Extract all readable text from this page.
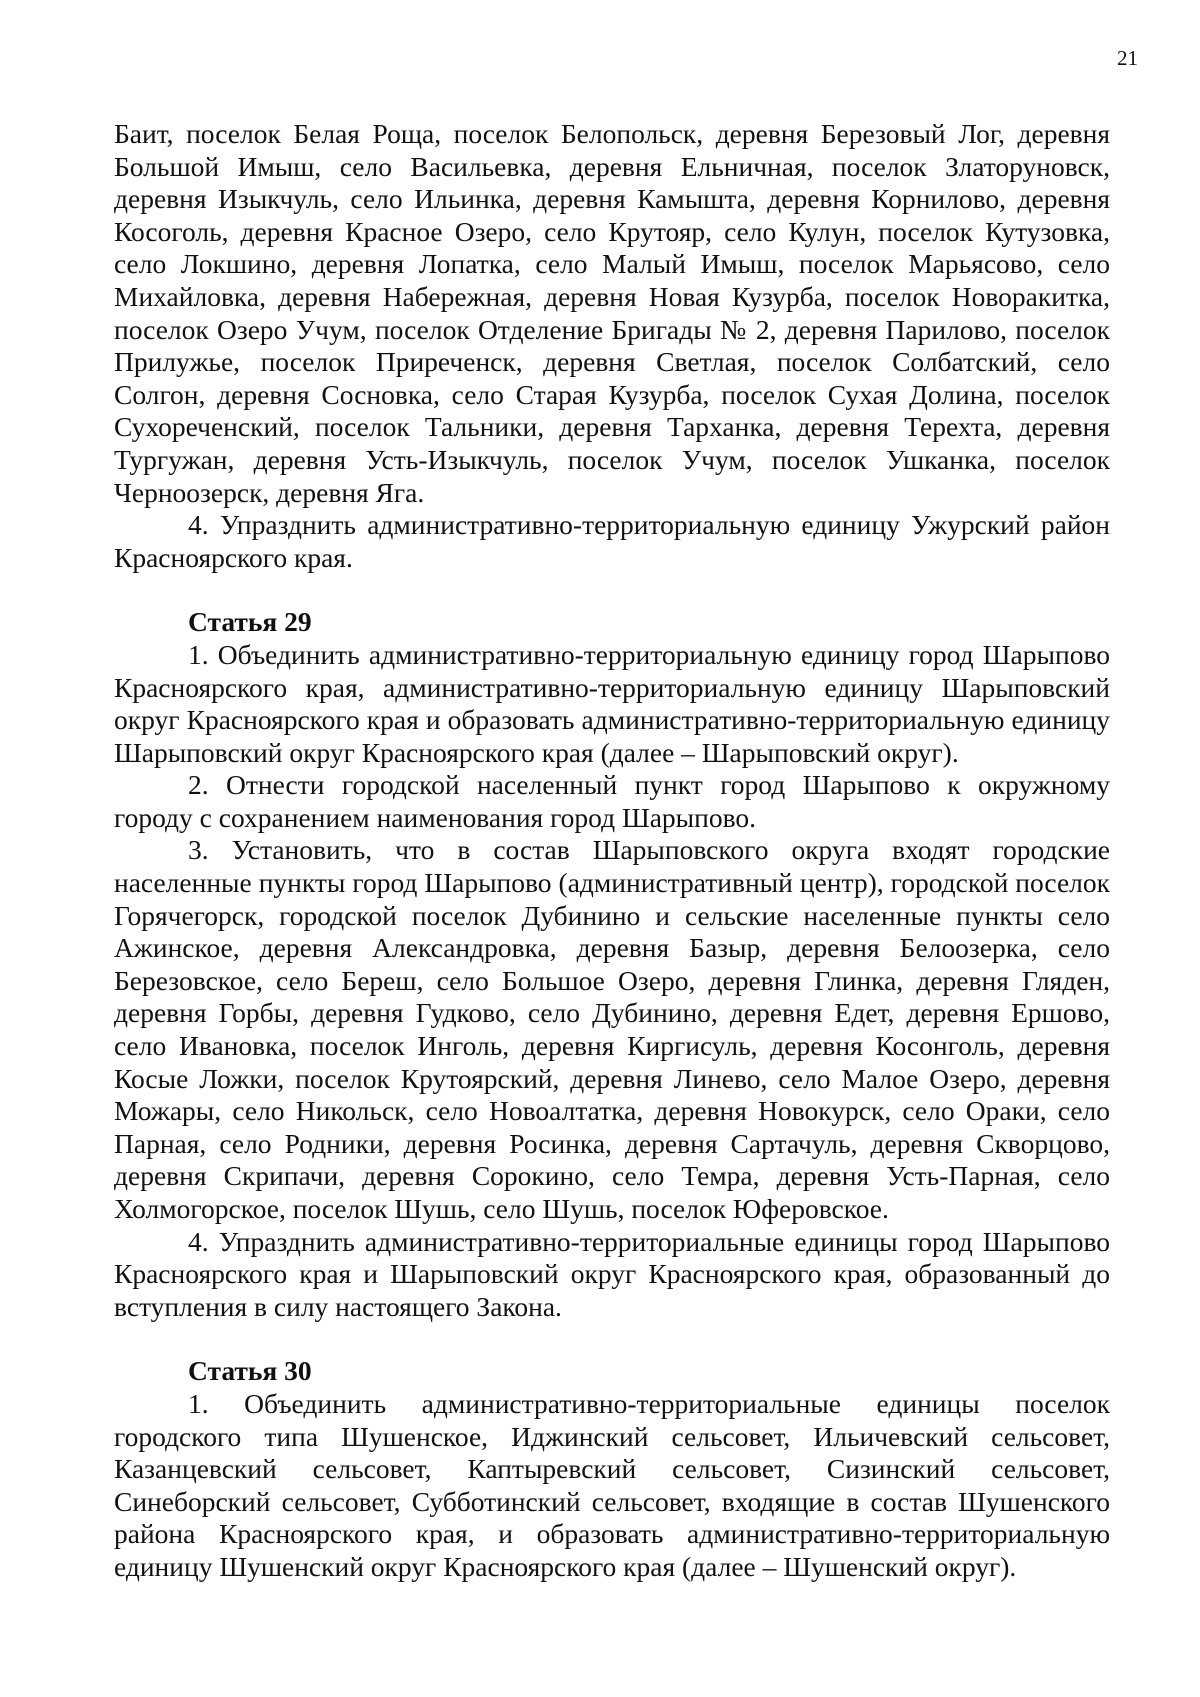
21

Баит, поселок Белая Роща, поселок Белопольск, деревня Березовый Лог, деревня Большой Имыш, село Васильевка, деревня Ельничная, поселок Златоруновск, деревня Изыкчуль, село Ильинка, деревня Камышта, деревня Корнилово, деревня Косоголь, деревня Красное Озеро, село Крутояр, село Кулун, поселок Кутузовка, село Локшино, деревня Лопатка, село Малый Имыш, поселок Марьясово, село Михайловка, деревня Набережная, деревня Новая Кузурба, поселок Новоракитка, поселок Озеро Учум, поселок Отделение Бригады № 2, деревня Парилово, поселок Прилужье, поселок Приреченск, деревня Светлая, поселок Солбатский, село Солгон, деревня Сосновка, село Старая Кузурба, поселок Сухая Долина, поселок Сухореченский, поселок Тальники, деревня Тарханка, деревня Терехта, деревня Тургужан, деревня Усть-Изыкчуль, поселок Учум, поселок Ушканка, поселок Черноозерск, деревня Яга.

4. Упразднить административно-территориальную единицу Ужурский район Красноярского края.

Статья 29

1. Объединить административно-территориальную единицу город Шарыпово Красноярского края, административно-территориальную единицу Шарыповский округ Красноярского края и образовать административно-территориальную единицу Шарыповский округ Красноярского края (далее – Шарыповский округ).

2. Отнести городской населенный пункт город Шарыпово к окружному городу с сохранением наименования город Шарыпово.

3. Установить, что в состав Шарыповского округа входят городские населенные пункты город Шарыпово (административный центр), городской поселок Горячегорск, городской поселок Дубинино и сельские населенные пункты село Ажинское, деревня Александровка, деревня Базыр, деревня Белоозерка, село Березовское, село Береш, село Большое Озеро, деревня Глинка, деревня Гляден, деревня Горбы, деревня Гудково, село Дубинино, деревня Едет, деревня Ершово, село Ивановка, поселок Инголь, деревня Киргисуль, деревня Косонголь, деревня Косые Ложки, поселок Крутоярский, деревня Линево, село Малое Озеро, деревня Можары, село Никольск, село Новоалтатка, деревня Новокурск, село Ораки, село Парная, село Родники, деревня Росинка, деревня Сартачуль, деревня Скворцово, деревня Скрипачи, деревня Сорокино, село Темра, деревня Усть-Парная, село Холмогорское, поселок Шушь, село Шушь, поселок Юферовское.

4. Упразднить административно-территориальные единицы город Шарыпово Красноярского края и Шарыповский округ Красноярского края, образованный до вступления в силу настоящего Закона.

Статья 30

1. Объединить административно-территориальные единицы поселок городского типа Шушенское, Иджинский сельсовет, Ильичевский сельсовет, Казанцевский сельсовет, Каптыревский сельсовет, Сизинский сельсовет, Синеборский сельсовет, Субботинский сельсовет, входящие в состав Шушенского района Красноярского края, и образовать административно-территориальную единицу Шушенский округ Красноярского края (далее – Шушенский округ).
